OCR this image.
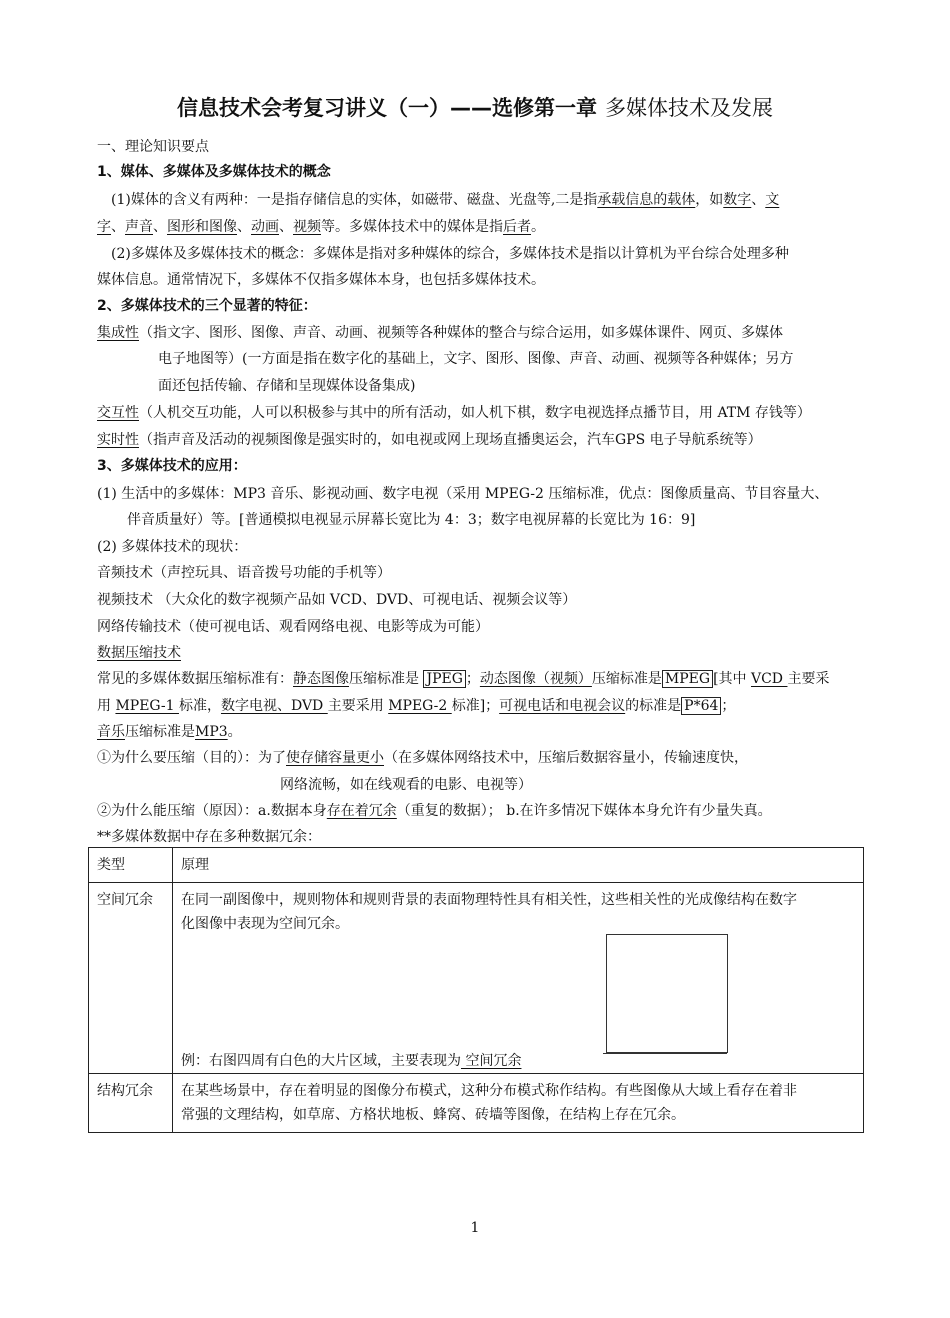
信息技术会考复习讲义（一）——选修第一章 多媒体技术及发展
一、理论知识要点
1、媒体、多媒体及多媒体技术的概念
(1)媒体的含义有两种：一是指存储信息的实体，如磁带、磁盘、光盘等,二是指承载信息的载体，如数字、文
字、声音、图形和图像、动画、视频等。多媒体技术中的媒体是指后者。
(2)多媒体及多媒体技术的概念：多媒体是指对多种媒体的综合，多媒体技术是指以计算机为平台综合处理多种
媒体信息。通常情况下，多媒体不仅指多媒体本身，也包括多媒体技术。
2、多媒体技术的三个显著的特征：
集成性（指文字、图形、图像、声音、动画、视频等各种媒体的整合与综合运用，如多媒体课件、网页、多媒体
电子地图等）(一方面是指在数字化的基础上，文字、图形、图像、声音、动画、视频等各种媒体；另方
面还包括传输、存储和呈现媒体设备集成)
交互性（人机交互功能，人可以积极参与其中的所有活动，如人机下棋，数字电视选择点播节目，用 ATM 存钱等）
实时性（指声音及活动的视频图像是强实时的，如电视或网上现场直播奥运会，汽车GPS 电子导航系统等）
3、多媒体技术的应用：
(1) 生活中的多媒体：MP3 音乐、影视动画、数字电视（采用 MPEG-2 压缩标准，优点：图像质量高、节目容量大、
伴音质量好）等。[普通模拟电视显示屏幕长宽比为 4：3；数字电视屏幕的长宽比为 16：9]
(2) 多媒体技术的现状：
音频技术（声控玩具、语音拨号功能的手机等）
视频技术 （大众化的数字视频产品如 VCD、DVD、可视电话、视频会议等）
网络传输技术（使可视电话、观看网络电视、电影等成为可能）
数据压缩技术
常见的多媒体数据压缩标准有：静态图像压缩标准是 JPEG ；动态图像（视频）压缩标准是 MPEG [其中 VCD 主要采
用 MPEG-1 标准，数字电视、DVD 主要采用 MPEG-2 标准]；可视电话和电视会议的标准是 P*64 ；
音乐压缩标准是MP3。
①为什么要压缩（目的）：为了使存储容量更小（在多媒体网络技术中，压缩后数据容量小，传输速度快，
网络流畅，如在线观看的电影、电视等）
②为什么能压缩（原因）：a.数据本身存在着冗余（重复的数据）； b.在许多情况下媒体本身允许有少量失真。
**多媒体数据中存在多种数据冗余：
类型	原理
空间冗余	在同一副图像中，规则物体和规则背景的表面物理特性具有相关性，这些相关性的光成像结构在数字
化图像中表现为空间冗余。
例：右图四周有白色的大片区域，主要表现为 空间冗余

结构冗余	在某些场景中，存在着明显的图像分布模式，这种分布模式称作结构。有些图像从大域上看存在着非
常强的文理结构，如草席、方格状地板、蜂窝、砖墙等图像，在结构上存在冗余。
1
